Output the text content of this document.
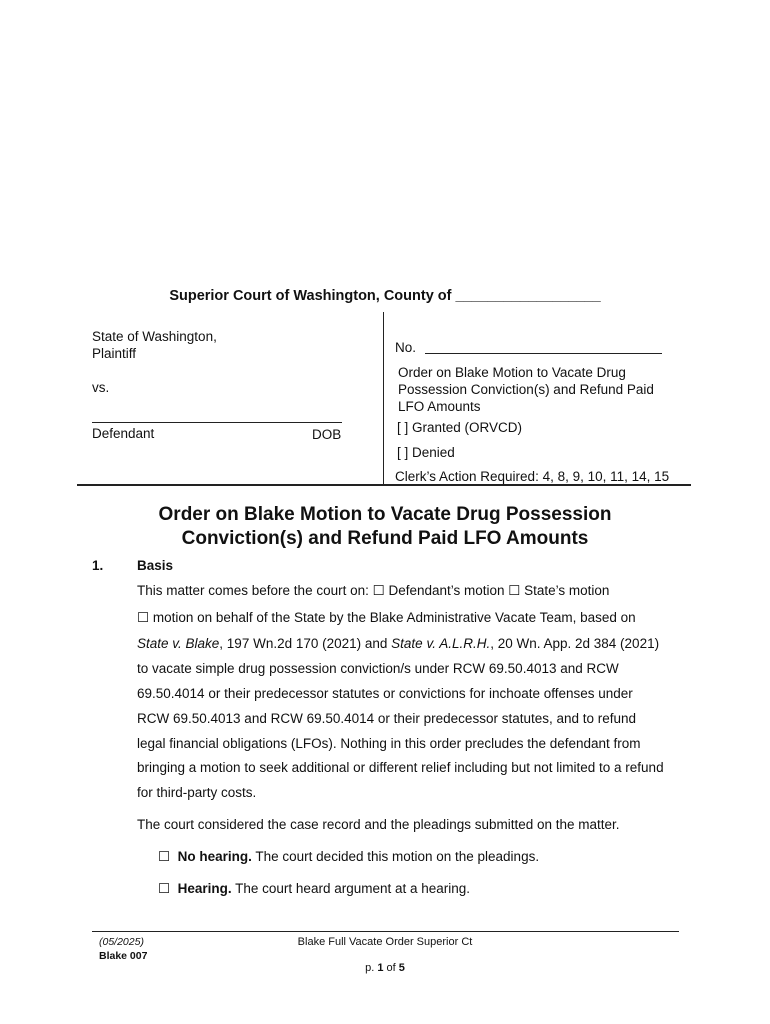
Superior Court of Washington, County of __________________
State of Washington,
Plaintiff
vs.
Defendant	DOB
No.
Order on Blake Motion to Vacate Drug
Possession Conviction(s) and Refund Paid
LFO Amounts
[ ] Granted (ORVCD)
[ ] Denied
Clerk’s Action Required: 4, 8, 9, 10, 11, 14, 15
Order on Blake Motion to Vacate Drug Possession
Conviction(s) and Refund Paid LFO Amounts
1. Basis
This matter comes before the court on: ☐ Defendant’s motion ☐ State’s motion
☐ motion on behalf of the State by the Blake Administrative Vacate Team, based on
State v. Blake, 197 Wn.2d 170 (2021) and State v. A.L.R.H., 20 Wn. App. 2d 384 (2021)
to vacate simple drug possession conviction/s under RCW 69.50.4013 and RCW
69.50.4014 or their predecessor statutes or convictions for inchoate offenses under
RCW 69.50.4013 and RCW 69.50.4014 or their predecessor statutes, and to refund
legal financial obligations (LFOs). Nothing in this order precludes the defendant from
bringing a motion to seek additional or different relief including but not limited to a refund
for third-party costs.
The court considered the case record and the pleadings submitted on the matter.
☐ No hearing. The court decided this motion on the pleadings.
☐ Hearing. The court heard argument at a hearing.
(05/2025)
Blake 007
Blake Full Vacate Order Superior Ct
p. 1 of 5
